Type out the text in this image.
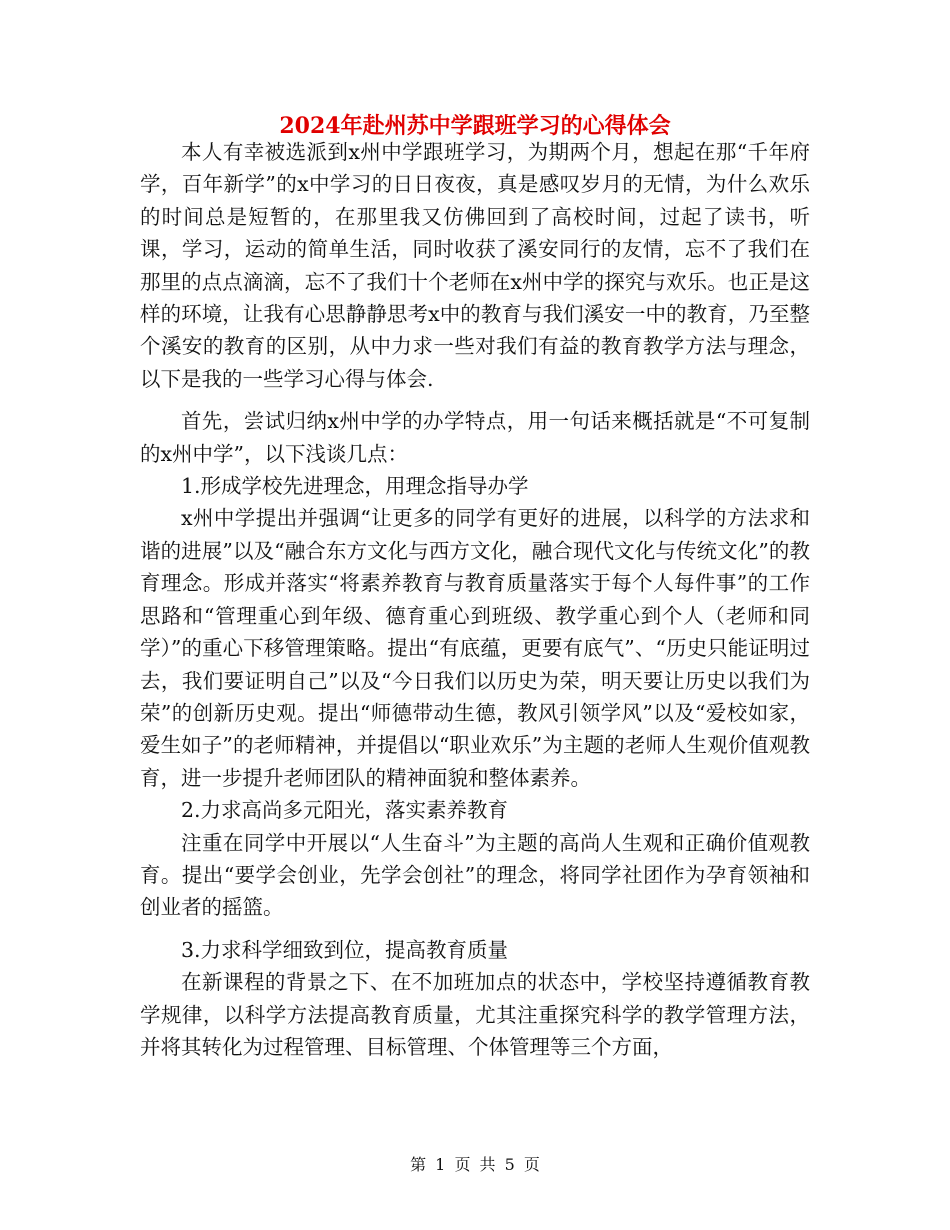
2024年赴州苏中学跟班学习的心得体会

本人有幸被选派到x州中学跟班学习，为期两个月，想起在那“千年府学，百年新学”的x中学习的日日夜夜，真是感叹岁月的无情，为什么欢乐的时间总是短暂的，在那里我又仿佛回到了高校时间，过起了读书，听课，学习，运动的简单生活，同时收获了溪安同行的友情，忘不了我们在那里的点点滴滴，忘不了我们十个老师在x州中学的探究与欢乐。也正是这样的环境，让我有心思静静思考x中的教育与我们溪安一中的教育，乃至整个溪安的教育的区别，从中力求一些对我们有益的教育教学方法与理念，以下是我的一些学习心得与体会.

首先，尝试归纳x州中学的办学特点，用一句话来概括就是“不可复制的x州中学”，以下浅谈几点：

1.形成学校先进理念，用理念指导办学

x州中学提出并强调“让更多的同学有更好的进展，以科学的方法求和谐的进展”以及“融合东方文化与西方文化，融合现代文化与传统文化”的教育理念。形成并落实“将素养教育与教育质量落实于每个人每件事”的工作思路和“管理重心到年级、德育重心到班级、教学重心到个人（老师和同学）”的重心下移管理策略。提出“有底蕴，更要有底气”、“历史只能证明过去，我们要证明自己”以及“今日我们以历史为荣，明天要让历史以我们为荣”的创新历史观。提出“师德带动生德，教风引领学风”以及“爱校如家，爱生如子”的老师精神，并提倡以“职业欢乐”为主题的老师人生观价值观教育，进一步提升老师团队的精神面貌和整体素养。

2.力求高尚多元阳光，落实素养教育

注重在同学中开展以“人生奋斗”为主题的高尚人生观和正确价值观教育。提出“要学会创业，先学会创社”的理念，将同学社团作为孕育领袖和创业者的摇篮。

3.力求科学细致到位，提高教育质量

在新课程的背景之下、在不加班加点的状态中，学校坚持遵循教育教学规律，以科学方法提高教育质量，尤其注重探究科学的教学管理方法，并将其转化为过程管理、目标管理、个体管理等三个方面，

第 1 页 共 5 页
